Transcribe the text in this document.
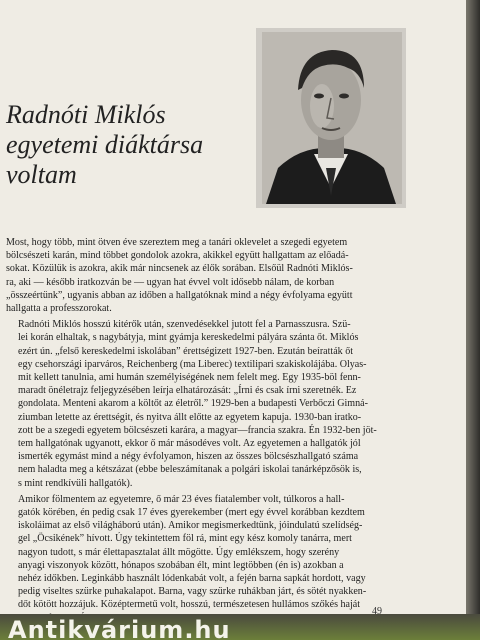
Radnóti Miklós
egyetemi diáktársa
voltam

Most, hogy több, mint ötven éve szereztem meg a tanári oklevelet a szegedi egyetem
bölcsészeti karán, mind többet gondolok azokra, akikkel együtt hallgattam az előadá-
sokat. Közülük is azokra, akik már nincsenek az élők sorában. Elsőül Radnóti Miklós-
ra, aki — később iratkozván be — ugyan hat évvel volt idősebb nálam, de korban
„összeértünk”, ugyanis abban az időben a hallgatóknak mind a négy évfolyama együtt
hallgatta a professzorokat.

Radnóti Miklós hosszú kitérők után, szenvedésekkel jutott fel a Parnasszusra. Szü-
lei korán elhaltak, s nagybátyja, mint gyámja kereskedelmi pályára szánta őt. Miklós
ezért ún. „felső kereskedelmi iskolában” érettségizett 1927-ben. Ezután beíratták őt
egy csehországi iparváros, Reichenberg (ma Liberec) textilipari szakiskolájába. Olyas-
mit kellett tanulnia, ami humán személyiségének nem felelt meg. Egy 1935-böl fenn-
maradt önéletrajz feljegyzésében leírja elhatározását: „Írni és csak írni szeretnék. Ez
gondolata. Menteni akarom a költőt az életről.” 1929-ben a budapesti Verbőczi Gimná-
ziumban letette az érettségit, és nyitva állt előtte az egyetem kapuja. 1930-ban iratko-
zott be a szegedi egyetem bölcsészeti karára, a magyar—francia szakra. Én 1932-ben jöt-
tem hallgatónak ugyanott, ekkor ő már másodéves volt. Az egyetemen a hallgatók jól
ismerték egymást mind a négy évfolyamon, hiszen az összes bölcsészhallgató száma
nem haladta meg a kétszázat (ebbe beleszámítanak a polgári iskolai tanárképzősök is,
s mint rendkívüli hallgatók).

Amikor fölmentem az egyetemre, ő már 23 éves fiatalember volt, túlkoros a hall-
gatók körében, én pedig csak 17 éves gyerekember (mert egy évvel korábban kezdtem
iskoláimat az első világháború után). Amikor megismerkedtünk, jóindulatú szelídség-
gel „Öcsikének” hívott. Úgy tekintettem föl rá, mint egy kész komoly tanárra, mert
nagyon tudott, s már élettapasztalat állt mögötte. Úgy emlékszem, hogy szerény
anyagi viszonyok között, hónapos szobában élt, mint legtöbben (én is) azokban a
nehéz időkben. Leginkább használt lódenkabát volt, a fején barna sapkát hordott, vagy
pedig viseltes szürke puhakalapot. Barna, vagy szürke ruhákban járt, és sötét nyakken-
dőt kötött hozzájuk. Középtermetű volt, hosszú, természetesen hullámos szőkés haját

49
Antikvárium.hu
